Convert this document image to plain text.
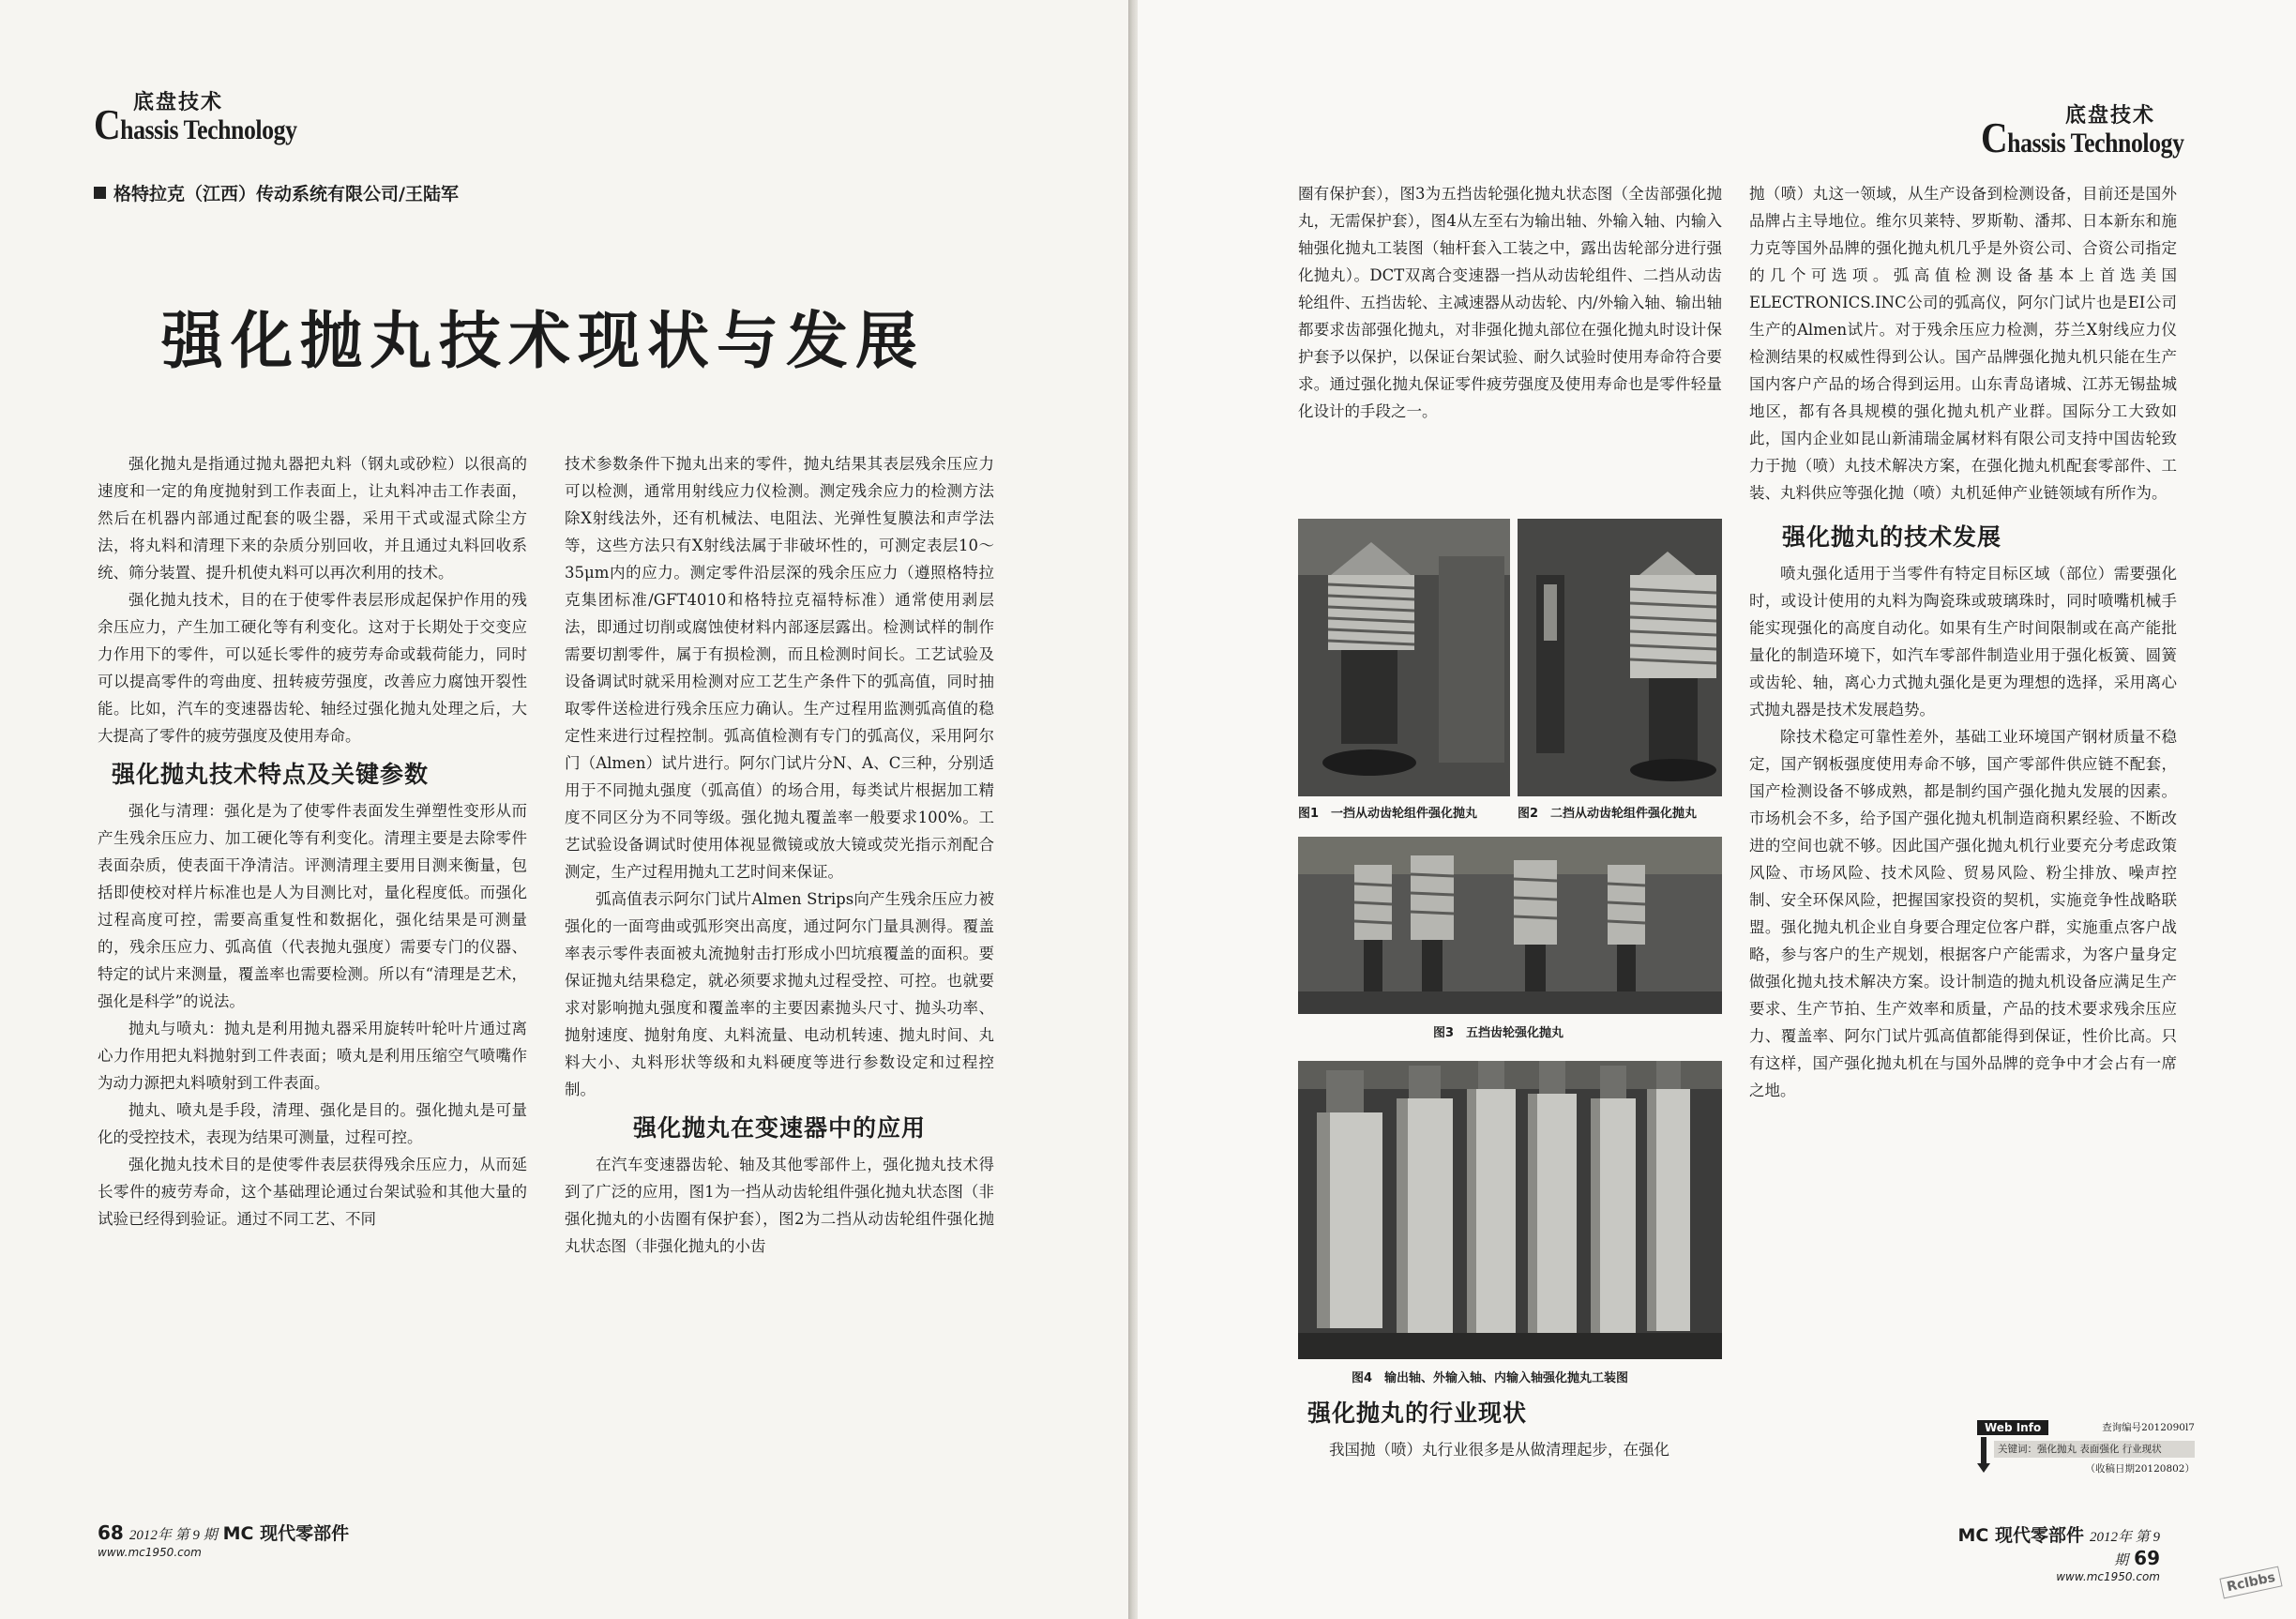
底盘技术
Chassis Technology
格特拉克（江西）传动系统有限公司/王陆军
强化抛丸技术现状与发展

强化抛丸是指通过抛丸器把丸料（钢丸或砂粒）以很高的速度和一定的角度抛射到工作表面上，让丸料冲击工作表面，然后在机器内部通过配套的吸尘器，采用干式或湿式除尘方法，将丸料和清理下来的杂质分别回收，并且通过丸料回收系统、筛分装置、提升机使丸料可以再次利用的技术。

强化抛丸技术，目的在于使零件表层形成起保护作用的残余压应力，产生加工硬化等有利变化。这对于长期处于交变应力作用下的零件，可以延长零件的疲劳寿命或载荷能力，同时可以提高零件的弯曲度、扭转疲劳强度，改善应力腐蚀开裂性能。比如，汽车的变速器齿轮、轴经过强化抛丸处理之后，大大提高了零件的疲劳强度及使用寿命。

强化抛丸技术特点及关键参数

强化与清理：强化是为了使零件表面发生弹塑性变形从而产生残余压应力、加工硬化等有利变化。清理主要是去除零件表面杂质，使表面干净清洁。评测清理主要用目测来衡量，包括即使校对样片标准也是人为目测比对，量化程度低。而强化过程高度可控，需要高重复性和数据化，强化结果是可测量的，残余压应力、弧高值（代表抛丸强度）需要专门的仪器、特定的试片来测量，覆盖率也需要检测。所以有“清理是艺术，强化是科学”的说法。

抛丸与喷丸：抛丸是利用抛丸器采用旋转叶轮叶片通过离心力作用把丸料抛射到工件表面；喷丸是利用压缩空气喷嘴作为动力源把丸料喷射到工件表面。

抛丸、喷丸是手段，清理、强化是目的。强化抛丸是可量化的受控技术，表现为结果可测量，过程可控。

强化抛丸技术目的是使零件表层获得残余压应力，从而延长零件的疲劳寿命，这个基础理论通过台架试验和其他大量的试验已经得到验证。通过不同工艺、不同

技术参数条件下抛丸出来的零件，抛丸结果其表层残余压应力可以检测，通常用射线应力仪检测。测定残余应力的检测方法除X射线法外，还有机械法、电阻法、光弹性复膜法和声学法等，这些方法只有X射线法属于非破坏性的，可测定表层10～35μm内的应力。测定零件沿层深的残余压应力（遵照格特拉克集团标准/GFT4010和格特拉克福特标准）通常使用剥层法，即通过切削或腐蚀使材料内部逐层露出。检测试样的制作需要切割零件，属于有损检测，而且检测时间长。工艺试验及设备调试时就采用检测对应工艺生产条件下的弧高值，同时抽取零件送检进行残余压应力确认。生产过程用监测弧高值的稳定性来进行过程控制。弧高值检测有专门的弧高仪，采用阿尔门（Almen）试片进行。阿尔门试片分N、A、C三种，分别适用于不同抛丸强度（弧高值）的场合用，每类试片根据加工精度不同区分为不同等级。强化抛丸覆盖率一般要求100%。工艺试验设备调试时使用体视显微镜或放大镜或荧光指示剂配合测定，生产过程用抛丸工艺时间来保证。

弧高值表示阿尔门试片Almen Strips向产生残余压应力被强化的一面弯曲或弧形突出高度，通过阿尔门量具测得。覆盖率表示零件表面被丸流抛射击打形成小凹坑痕覆盖的面积。要保证抛丸结果稳定，就必须要求抛丸过程受控、可控。也就要求对影响抛丸强度和覆盖率的主要因素抛头尺寸、抛头功率、抛射速度、抛射角度、丸料流量、电动机转速、抛丸时间、丸料大小、丸料形状等级和丸料硬度等进行参数设定和过程控制。

强化抛丸在变速器中的应用

在汽车变速器齿轮、轴及其他零部件上，强化抛丸技术得到了广泛的应用，图1为一挡从动齿轮组件强化抛丸状态图（非强化抛丸的小齿圈有保护套），图2为二挡从动齿轮组件强化抛丸状态图（非强化抛丸的小齿

68 2012年 第 9 期 MC 现代零部件
www.mc1950.com
底盘技术
Chassis Technology

圈有保护套），图3为五挡齿轮强化抛丸状态图（全齿部强化抛丸，无需保护套），图4从左至右为输出轴、外输入轴、内输入轴强化抛丸工装图（轴杆套入工装之中，露出齿轮部分进行强化抛丸）。DCT双离合变速器一挡从动齿轮组件、二挡从动齿轮组件、五挡齿轮、主减速器从动齿轮、内/外输入轴、输出轴都要求齿部强化抛丸，对非强化抛丸部位在强化抛丸时设计保护套予以保护，以保证台架试验、耐久试验时使用寿命符合要求。通过强化抛丸保证零件疲劳强度及使用寿命也是零件轻量化设计的手段之一。

图1　一挡从动齿轮组件强化抛丸	图2　二挡从动齿轮组件强化抛丸
图3　五挡齿轮强化抛丸
图4　输出轴、外输入轴、内输入轴强化抛丸工装图
强化抛丸的行业现状

我国抛（喷）丸行业很多是从做清理起步，在强化

抛（喷）丸这一领域，从生产设备到检测设备，目前还是国外品牌占主导地位。维尔贝莱特、罗斯勒、潘邦、日本新东和施力克等国外品牌的强化抛丸机几乎是外资公司、合资公司指定的几个可选项。弧高值检测设备基本上首选美国ELECTRONICS.INC公司的弧高仪，阿尔门试片也是EI公司生产的Almen试片。对于残余压应力检测，芬兰X射线应力仪检测结果的权威性得到公认。国产品牌强化抛丸机只能在生产国内客户产品的场合得到运用。山东青岛诸城、江苏无锡盐城地区，都有各具规模的强化抛丸机产业群。国际分工大致如此，国内企业如昆山新浦瑞金属材料有限公司支持中国齿轮致力于抛（喷）丸技术解决方案，在强化抛丸机配套零部件、工装、丸料供应等强化抛（喷）丸机延伸产业链领域有所作为。

强化抛丸的技术发展

喷丸强化适用于当零件有特定目标区域（部位）需要强化时，或设计使用的丸料为陶瓷珠或玻璃珠时，同时喷嘴机械手能实现强化的高度自动化。如果有生产时间限制或在高产能批量化的制造环境下，如汽车零部件制造业用于强化板簧、圆簧或齿轮、轴，离心力式抛丸强化是更为理想的选择，采用离心式抛丸器是技术发展趋势。

除技术稳定可靠性差外，基础工业环境国产钢材质量不稳定，国产钢板强度使用寿命不够，国产零部件供应链不配套，国产检测设备不够成熟，都是制约国产强化抛丸发展的因素。市场机会不多，给予国产强化抛丸机制造商积累经验、不断改进的空间也就不够。因此国产强化抛丸机行业要充分考虑政策风险、市场风险、技术风险、贸易风险、粉尘排放、噪声控制、安全环保风险，把握国家投资的契机，实施竞争性战略联盟。强化抛丸机企业自身要合理定位客户群，实施重点客户战略，参与客户的生产规划，根据客户产能需求，为客户量身定做强化抛丸技术解决方案。设计制造的抛丸机设备应满足生产要求、生产节拍、生产效率和质量，产品的技术要求残余压应力、覆盖率、阿尔门试片弧高值都能得到保证，性价比高。只有这样，国产强化抛丸机在与国外品牌的竞争中才会占有一席之地。

MC 现代零部件 2012年 第 9 期 69
www.mc1950.com
Web Info	查询编号2012090l7
关键词：强化抛丸 表面强化 行业现状
（收稿日期20120802）
Rclbbs
